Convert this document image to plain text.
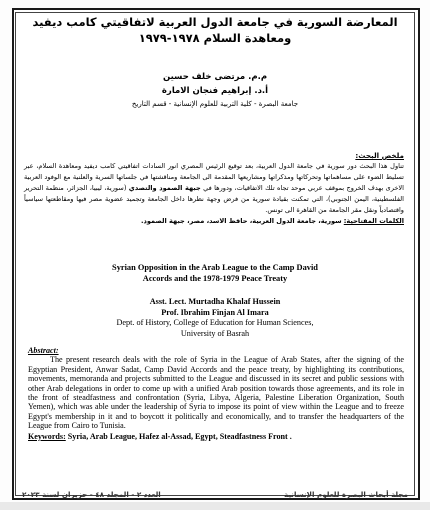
المعارضة السورية في جامعة الدول العربية لاتفاقيتي كامب ديفيد ومعاهدة السلام ١٩٧٨-١٩٧٩
م.م. مرتضى خلف حسين
أ.د. إبراهيم فنجان الامارة
جامعة البصرة - كلية التربية للعلوم الإنسانية - قسم التاريخ
ملخص البحث:
تناول هذا البحث دور سورية في جامعة الدول العربية، بعد توقيع الرئيس المصري انور السادات اتفاقيتي كامب ديفيد ومعاهدة السلام، عبر تسليط الضوء على مساهماتها وتحركاتها ومذكراتها ومشاريعها المقدمة الى الجامعة ومناقشتها في جلساتها السرية والعلنية مع الوفود العربية الاخرى بهدف الخروج بموقف عربي موحد تجاه تلك الاتفاقيات، ودورها في جبهة الصمود والتصدي (سورية، ليبيا، الجزائر، منظمة التحرير الفلسطينية، اليمن الجنوبي)، التي تمكنت بقيادة سورية من فرض وجهة نظرها داخل الجامعة وتجميد عضوية مصر فيها ومقاطعتها سياسياً واقتصادياً ونقل مقر الجامعة من القاهرة الى تونس.
الكلمات المفتاحية: سورية، جامعة الدول العربية، حافظ الاسد، مصر، جبهة الصمود.
Syrian Opposition in the Arab League to the Camp David
Accords and the 1978-1979 Peace Treaty
Asst. Lect. Murtadha Khalaf Hussein
Prof. Ibrahim Finjan Al Imara
Dept. of History, College of Education for Human Sciences,
University of Basrah
Abstract:

The present research deals with the role of Syria in the League of Arab States, after the signing of the Egyptian President, Anwar Sadat, Camp David Accords and the peace treaty, by highlighting its contributions, movements, memoranda and projects submitted to the League and discussed in its secret and public sessions with other Arab delegations in order to come up with a unified Arab position towards those agreements, and its role in the front of steadfastness and confrontation (Syria, Libya, Algeria, Palestine Liberation Organization, South Yemen), which was able under the leadership of Syria to impose its point of view within the League and to freeze Egypt's membership in it and to boycott it politically and economically, and to transfer the headquarters of the League from Cairo to Tunisia.

Keywords: Syria, Arab League, Hafez al-Assad, Egypt, Steadfastness Front .
مجلة أبحاث البصرة للعلوم الإنسانية
العدد ٢ - المجلد ٤٨ - حزيران لسنة ٢٠٢٣
